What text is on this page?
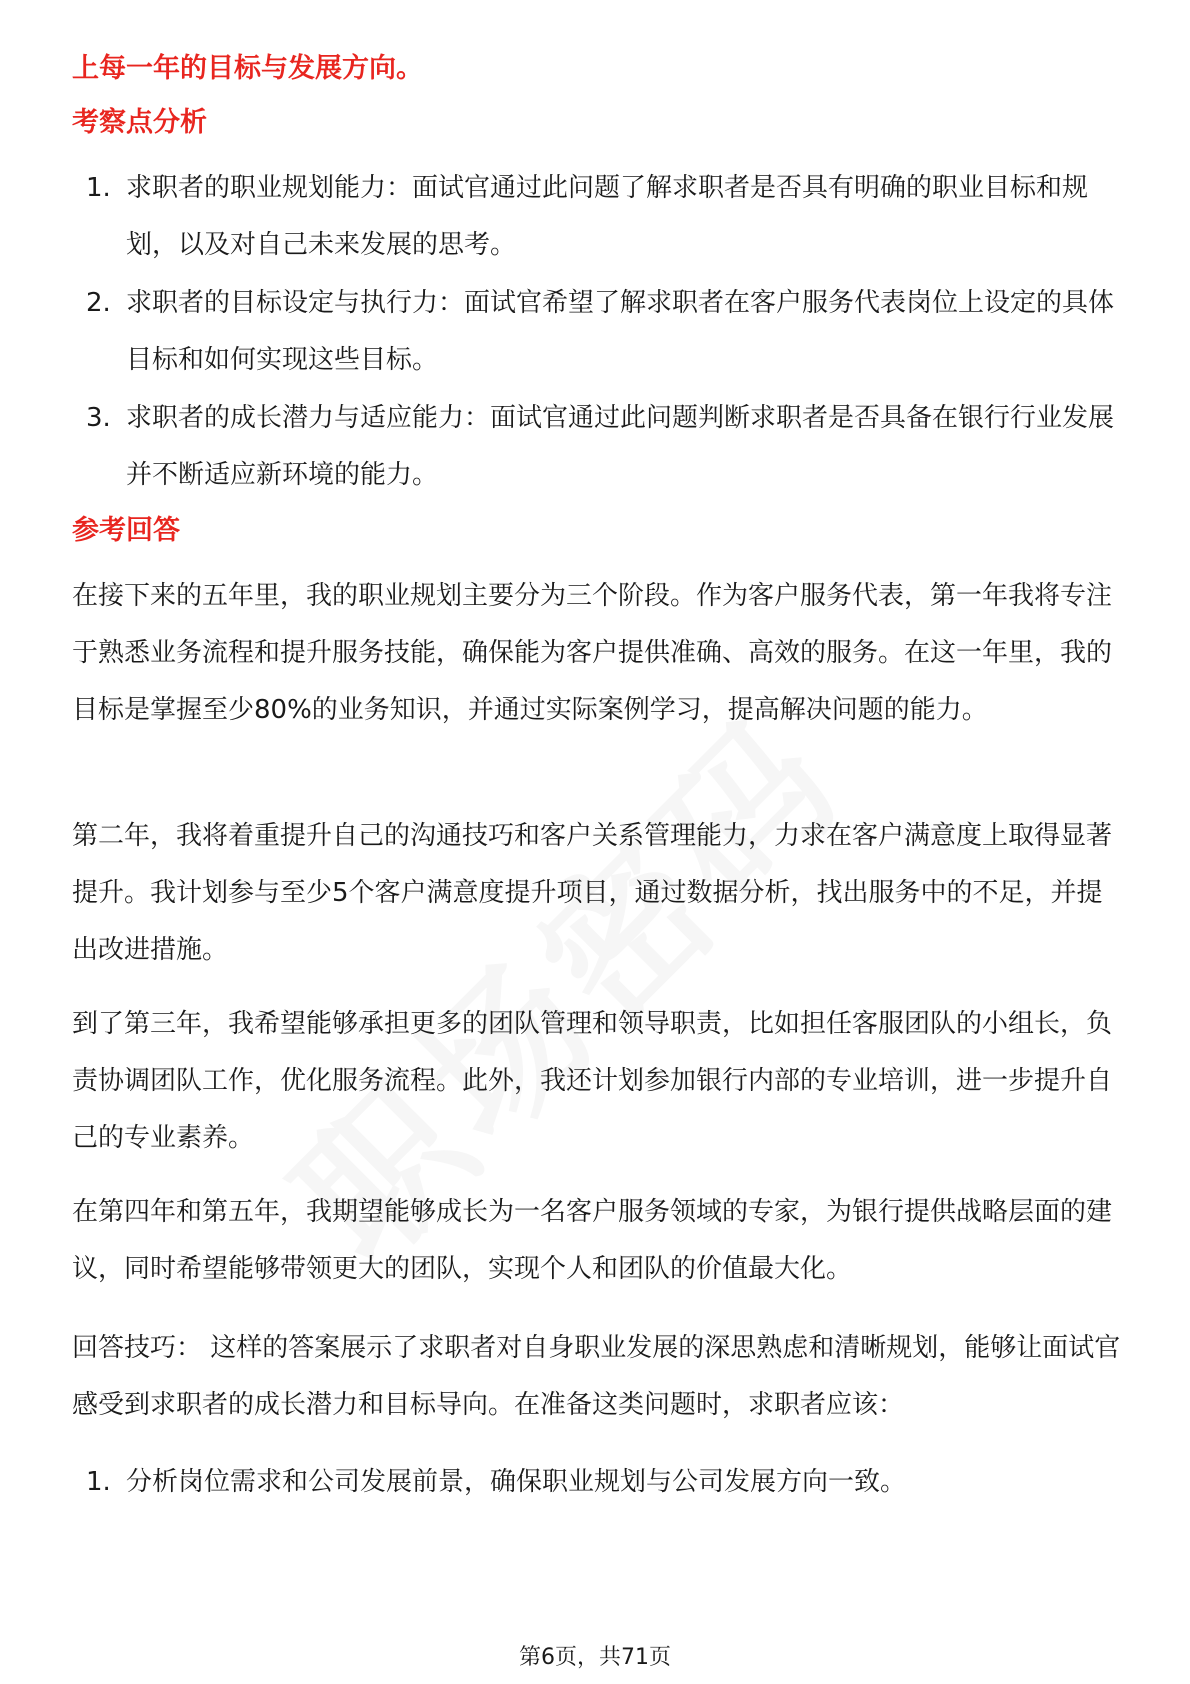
上每一年的目标与发展方向。
考察点分析
1. 求职者的职业规划能力：面试官通过此问题了解求职者是否具有明确的职业目标和规划，以及对自己未来发展的思考。
2. 求职者的目标设定与执行力：面试官希望了解求职者在客户服务代表岗位上设定的具体目标和如何实现这些目标。
3. 求职者的成长潜力与适应能力：面试官通过此问题判断求职者是否具备在银行行业发展并不断适应新环境的能力。
参考回答
在接下来的五年里，我的职业规划主要分为三个阶段。作为客户服务代表，第一年我将专注于熟悉业务流程和提升服务技能，确保能为客户提供准确、高效的服务。在这一年里，我的目标是掌握至少80%的业务知识，并通过实际案例学习，提高解决问题的能力。
第二年，我将着重提升自己的沟通技巧和客户关系管理能力，力求在客户满意度上取得显著提升。我计划参与至少5个客户满意度提升项目，通过数据分析，找出服务中的不足，并提出改进措施。
到了第三年，我希望能够承担更多的团队管理和领导职责，比如担任客服团队的小组长，负责协调团队工作，优化服务流程。此外，我还计划参加银行内部的专业培训，进一步提升自己的专业素养。
在第四年和第五年，我期望能够成长为一名客户服务领域的专家，为银行提供战略层面的建议，同时希望能够带领更大的团队，实现个人和团队的价值最大化。
回答技巧： 这样的答案展示了求职者对自身职业发展的深思熟虑和清晰规划，能够让面试官感受到求职者的成长潜力和目标导向。在准备这类问题时，求职者应该：
1. 分析岗位需求和公司发展前景，确保职业规划与公司发展方向一致。
第6页，共71页
